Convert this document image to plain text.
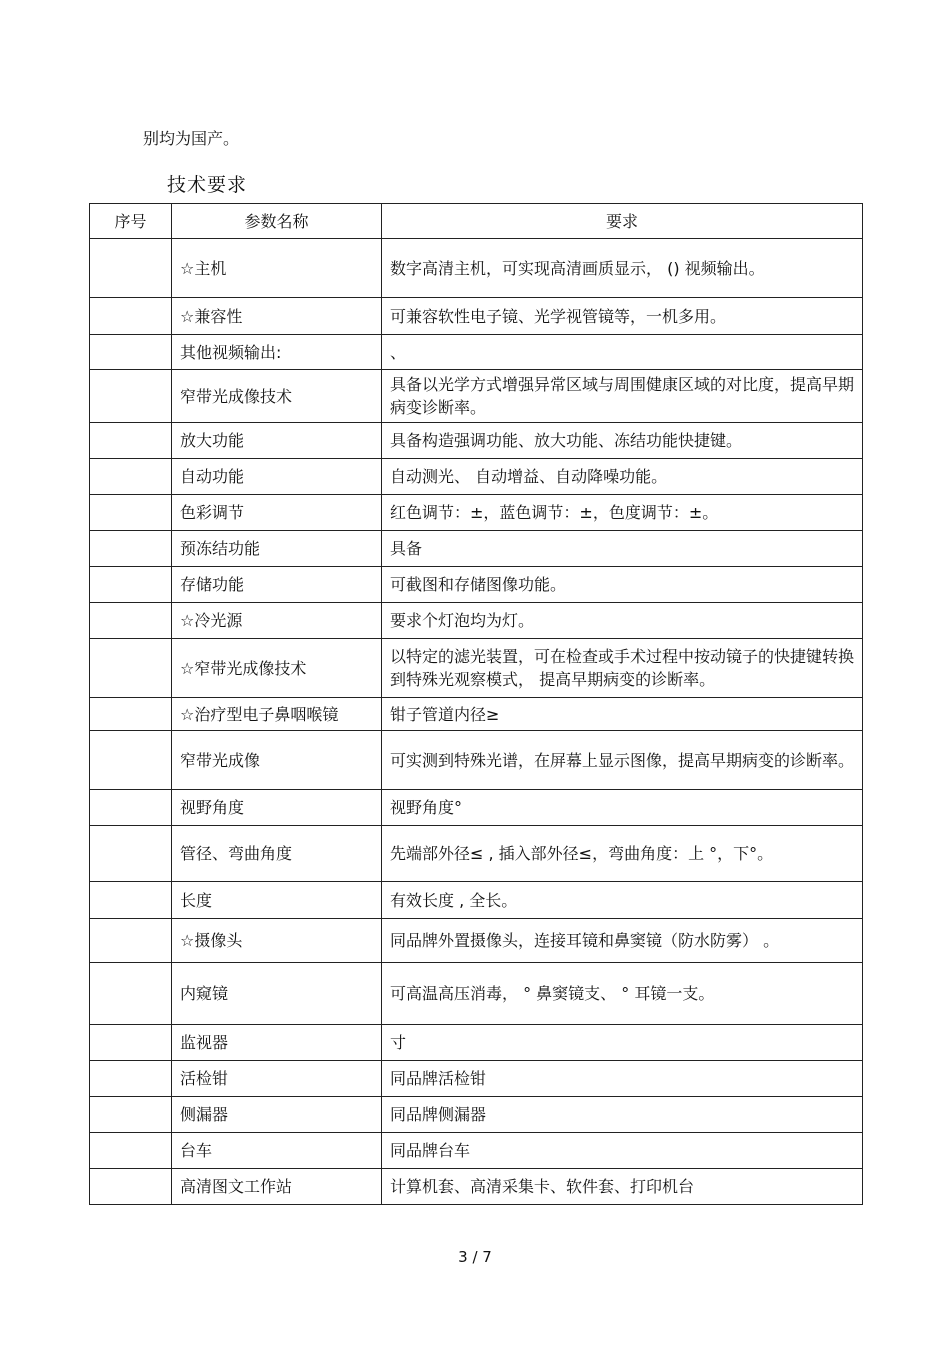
别均为国产。
技术要求
序号	参数名称	要求
	☆主机	数字高清主机，可实现高清画质显示， () 视频输出。
	☆兼容性	可兼容软性电子镜、光学视管镜等，一机多用。
	其他视频输出:	、
	窄带光成像技术	具备以光学方式增强异常区域与周围健康区域的对比度，提高早期病变诊断率。
	放大功能	具备构造强调功能、放大功能、冻结功能快捷键。
	自动功能	自动测光、 自动增益、自动降噪功能。
	色彩调节	红色调节：±，蓝色调节：±，色度调节：±。
	预冻结功能	具备
	存储功能	可截图和存储图像功能。
	☆冷光源	要求个灯泡均为灯。
	☆窄带光成像技术	以特定的滤光装置，可在检查或手术过程中按动镜子的快捷键转换到特殊光观察模式， 提高早期病变的诊断率。
	☆治疗型电子鼻咽喉镜	钳子管道内径≥
	窄带光成像	可实测到特殊光谱，在屏幕上显示图像，提高早期病变的诊断率。
	视野角度	视野角度°
	管径、弯曲角度	先端部外径≤ , 插入部外径≤，弯曲角度：上 °，下°。
	长度	有效长度 , 全长。
	☆摄像头	同品牌外置摄像头，连接耳镜和鼻窦镜（防水防雾） 。
	内窥镜	可高温高压消毒， ° 鼻窦镜支、 ° 耳镜一支。
	监视器	寸
	活检钳	同品牌活检钳
	侧漏器	同品牌侧漏器
	台车	同品牌台车
	高清图文工作站	计算机套、高清采集卡、软件套、打印机台
3 / 7
